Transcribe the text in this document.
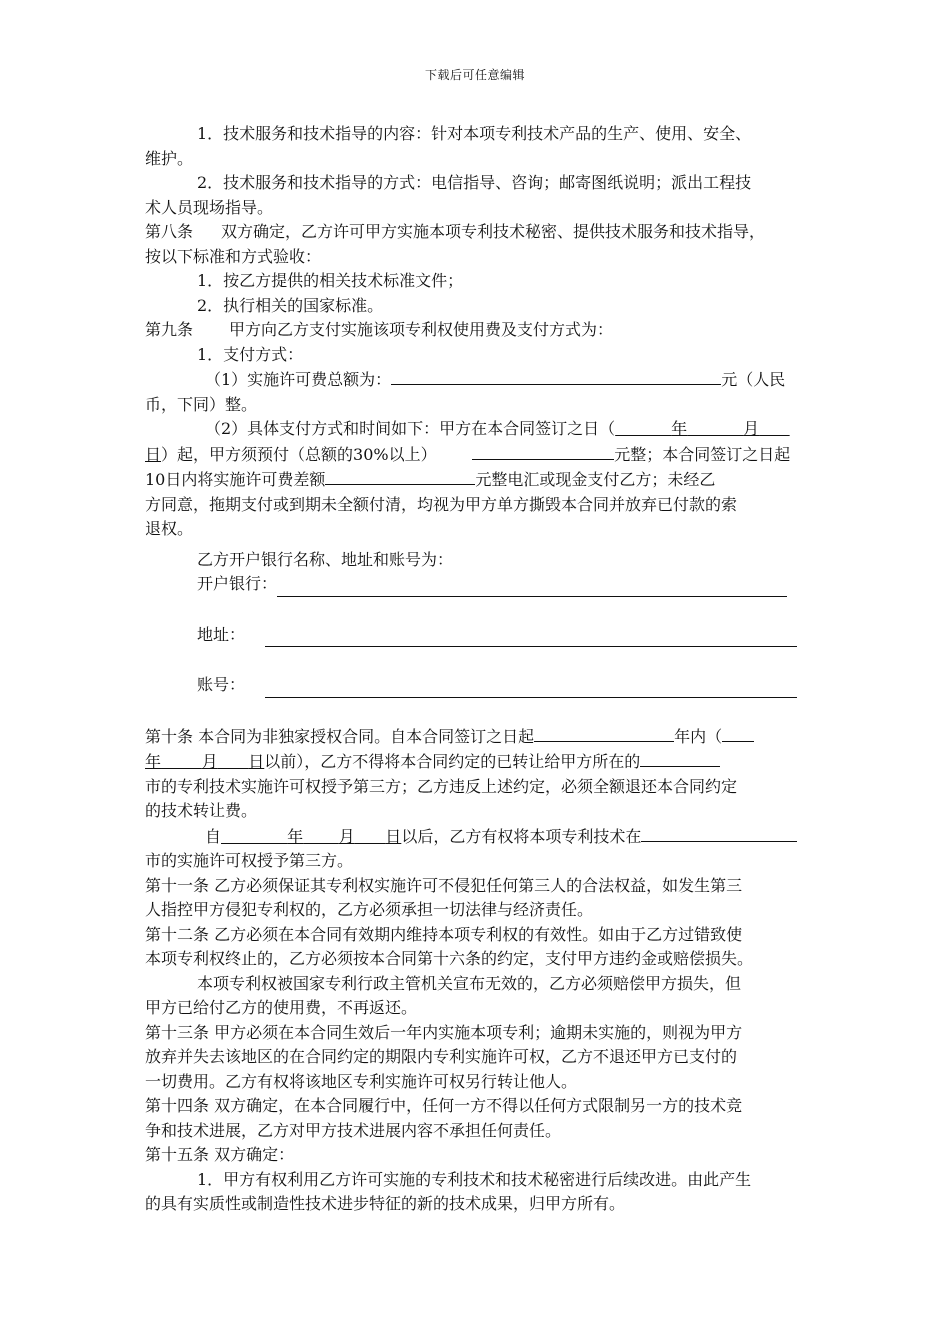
下载后可任意编辑

1．技术服务和技术指导的内容：针对本项专利技术产品的生产、使用、安全、

维护。

2．技术服务和技术指导的方式：电信指导、咨询；邮寄图纸说明；派出工程技

术人员现场指导。

第八条 双方确定，乙方许可甲方实施本项专利技术秘密、提供技术服务和技术指导，

按以下标准和方式验收：

1．按乙方提供的相关技术标准文件；

2．执行相关的国家标准。

第九条 甲方向乙方支付实施该项专利权使用费及支付方式为：

1．支付方式：

（1）实施许可费总额为：	元（人民

币，下同）整。

（2）具体支付方式和时间如下：甲方在本合同签订之日（	年	月

日）起，甲方须预付（总额的30%以上）	元整；本合同签订之日起

10日内将实施许可费差额	元整电汇或现金支付乙方；未经乙

方同意，拖期支付或到期未全额付清，均视为甲方单方撕毁本合同并放弃已付款的索

退权。

乙方开户银行名称、地址和账号为：

开户银行：

地址：

账号：

第十条 本合同为非独家授权合同。自本合同签订之日起	年内（

年	月 日以前），乙方不得将本合同约定的已转让给甲方所在的

市的专利技术实施许可权授予第三方；乙方违反上述约定，必须全额退还本合同约定

的技术转让费。

自	年 月 日以后，乙方有权将本项专利技术在

市的实施许可权授予第三方。

第十一条 乙方必须保证其专利权实施许可不侵犯任何第三人的合法权益，如发生第三

人指控甲方侵犯专利权的，乙方必须承担一切法律与经济责任。

第十二条 乙方必须在本合同有效期内维持本项专利权的有效性。如由于乙方过错致使

本项专利权终止的，乙方必须按本合同第十六条的约定，支付甲方违约金或赔偿损失。

本项专利权被国家专利行政主管机关宣布无效的，乙方必须赔偿甲方损失，但

甲方已给付乙方的使用费，不再返还。

第十三条 甲方必须在本合同生效后一年内实施本项专利；逾期未实施的，则视为甲方

放弃并失去该地区的在合同约定的期限内专利实施许可权，乙方不退还甲方已支付的

一切费用。乙方有权将该地区专利实施许可权另行转让他人。

第十四条 双方确定，在本合同履行中，任何一方不得以任何方式限制另一方的技术竞

争和技术进展，乙方对甲方技术进展内容不承担任何责任。

第十五条 双方确定：

1．甲方有权利用乙方许可实施的专利技术和技术秘密进行后续改进。由此产生

的具有实质性或制造性技术进步特征的新的技术成果，归甲方所有。
